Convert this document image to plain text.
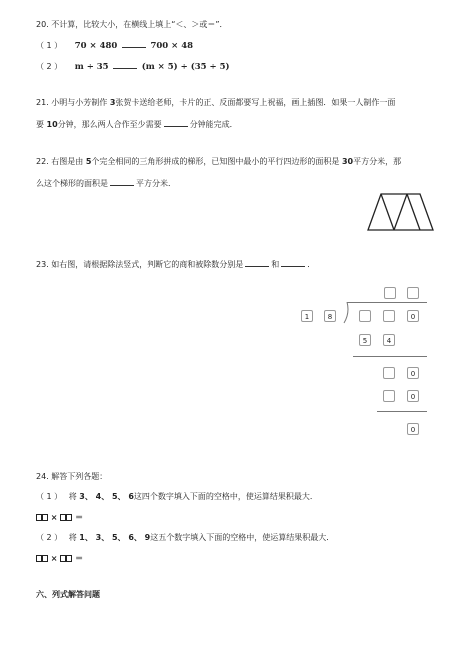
20. 不计算，比较大小，在横线上填上“＜、＞或＝”．
（ 1 ） 70 × 480	700 × 48
（ 2 ） m ÷ 35	(m × 5) ÷ (35 ÷ 5)
21. 小明与小芳制作 3张贺卡送给老师，卡片的正、反面都要写上祝福，画上插图．如果一人制作一面
要 10分钟，那么两人合作至少需要	分钟能完成．
22. 右图是由 5个完全相同的三角形拼成的梯形，已知图中最小的平行四边形的面积是 30平方分米，那
么这个梯形的面积是	平方分米．
23. 如右图，请根据除法竖式，判断它的商和被除数分别是	和	．
1	8	0
5	4
0
0
0
24. 解答下列各题：
（ 1 ） 将 3、 4、 5、 6这四个数字填入下面的空格中，使运算结果积最大．
× ＝
（ 2 ） 将 1、 3、 5、 6、 9这五个数字填入下面的空格中，使运算结果积最大．
× ＝
六、列式解答问题
